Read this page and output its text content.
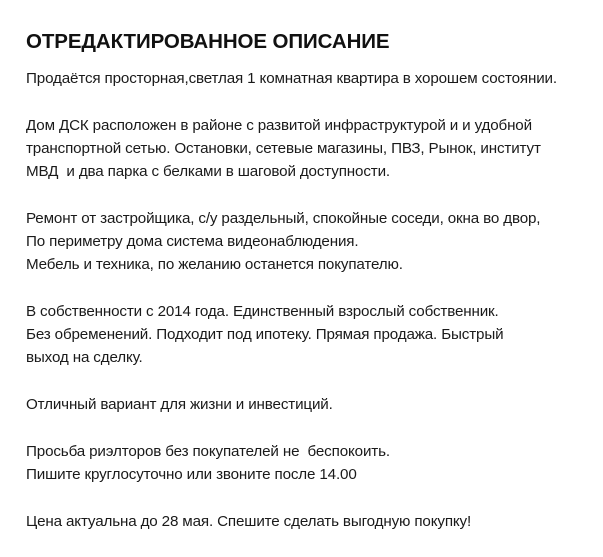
ОТРЕДАКТИРОВАННОЕ ОПИСАНИЕ
Продаётся просторная,светлая 1 комнатная квартира в хорошем состоянии.
Дом ДСК расположен в районе с развитой инфраструктурой и и удобной
транспортной сетью. Остановки, сетевые магазины, ПВЗ, Рынок, институт
МВД  и два парка с белками в шаговой доступности.
Ремонт от застройщика, с/у раздельный, спокойные соседи, окна во двор,
По периметру дома система видеонаблюдения.
Мебель и техника, по желанию останется покупателю.
В собственности с 2014 года. Единственный взрослый собственник.
Без обременений. Подходит под ипотеку. Прямая продажа. Быстрый
выход на сделку.
Отличный вариант для жизни и инвестиций.
Просьба риэлторов без покупателей не  беспокоить.
Пишите круглосуточно или звоните после 14.00
Цена актуальна до 28 мая. Спешите сделать выгодную покупку!
